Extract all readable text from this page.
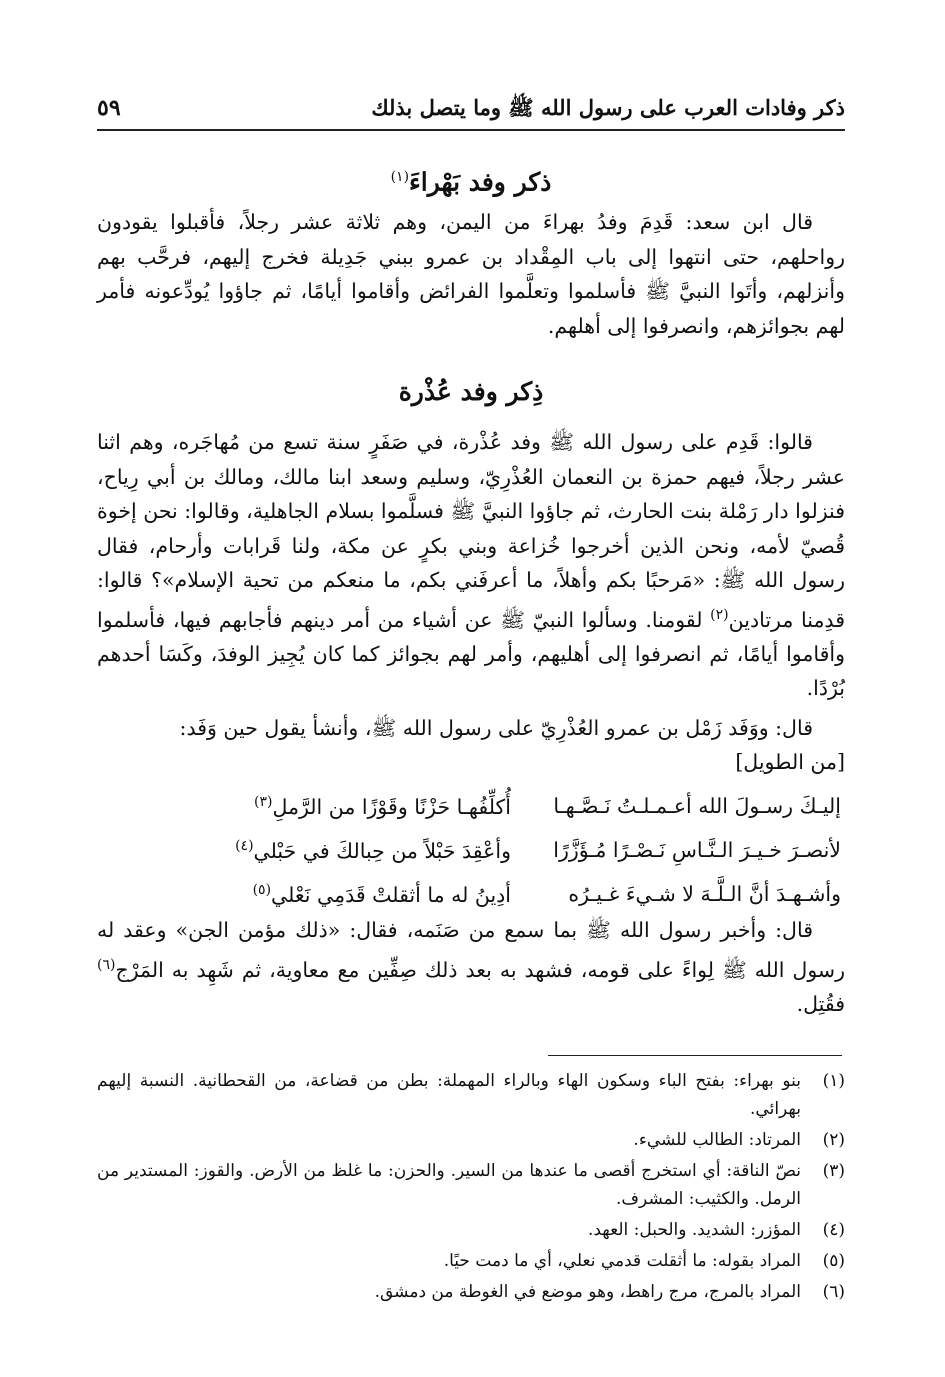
ذكر وفادات العرب على رسول الله ﷺ وما يتصل بذلك
٥٩
ذكر وفد بَهْراءَ$^{(١)}$

قال ابن سعد: قَدِمَ وفدُ بهراءَ من اليمن، وهم ثلاثة عشر رجلاً، فأقبلوا يقودون رواحلهم، حتى انتهوا إلى باب المِقْداد بن عمرو ببني جَدِيلة فخرج إليهم، فرحَّب بهم وأنزلهم، وأتَوا النبيَّ ﷺ فأسلموا وتعلَّموا الفرائض وأقاموا أيامًا، ثم جاؤوا يُودِّعونه فأمر لهم بجوائزهم، وانصرفوا إلى أهلهم.

ذِكر وفد عُذْرة

قالوا: قَدِم على رسول الله ﷺ وفد عُذْرة، في صَفَرٍ سنة تسع من مُهاجَره، وهم اثنا عشر رجلاً، فيهم حمزة بن النعمان العُذْرِيّ، وسليم وسعد ابنا مالك، ومالك بن أبي رِياح، فنزلوا دار رَمْلة بنت الحارث، ثم جاؤوا النبيَّ ﷺ فسلَّموا بسلام الجاهلية، وقالوا: نحن إخوة قُصيّ لأمه، ونحن الذين أخرجوا خُزاعة وبني بكرٍ عن مكة، ولنا قَرابات وأرحام، فقال رسول الله ﷺ: «مَرحبًا بكم وأهلاً، ما أعرفَني بكم، ما منعكم من تحية الإسلام»؟ قالوا: قدِمنا مرتادين$^{(٢)}$ لقومنا. وسألوا النبيّ ﷺ عن أشياء من أمر دينهم فأجابهم فيها، فأسلموا وأقاموا أيامًا، ثم انصرفوا إلى أهليهم، وأمر لهم بجوائز كما كان يُجِيز الوفدَ، وكَسَا أحدهم بُرْدًا.

قال: ووَفَد زَمْل بن عمرو العُذْرِيّ على رسول الله ﷺ، وأنشأ يقول حين وَفَد:

[من الطويل]
إليـكَ رسـولَ الله أعـمـلـتُ نَـصَّـهـا
أُكلِّفُهـا حَزْنًا وقَوْزًا من الرَّملِ$^{(٣)}$
لأنصـرَ خـيـرَ الـنَّـاسِ نَـصْـرًا مُـؤَزَّرًا
وأعْقِدَ حَبْلاً من حِبالكَ في حَبْلي$^{(٤)}$
وأشـهـدَ أنَّ الـلَّـهَ لا شـيءَ غـيـرُه
أدِينُ له ما أثقلتْ قَدَمِي نَعْلي$^{(٥)}$

قال: وأخبر رسول الله ﷺ بما سمع من صَنَمه، فقال: «ذلك مؤمن الجن» وعقد له رسول الله ﷺ لِواءً على قومه، فشهد به بعد ذلك صِفِّين مع معاوية، ثم شَهِد به المَرْج$^{(٦)}$ فقُتِل.

(١)
بنو بهراء: بفتح الباء وسكون الهاء وبالراء المهملة: بطن من قضاعة، من القحطانية. النسبة إليهم بهرائي.
(٢)
المرتاد: الطالب للشيء.
(٣)
نصّ الناقة: أي استخرج أقصى ما عندها من السير. والحزن: ما غلظ من الأرض. والقوز: المستدير من الرمل. والكثيب: المشرف.
(٤)
المؤزر: الشديد. والحبل: العهد.
(٥)
المراد بقوله: ما أثقلت قدمي نعلي، أي ما دمت حيًا.
(٦)
المراد بالمرج، مرج راهط، وهو موضع في الغوطة من دمشق.
